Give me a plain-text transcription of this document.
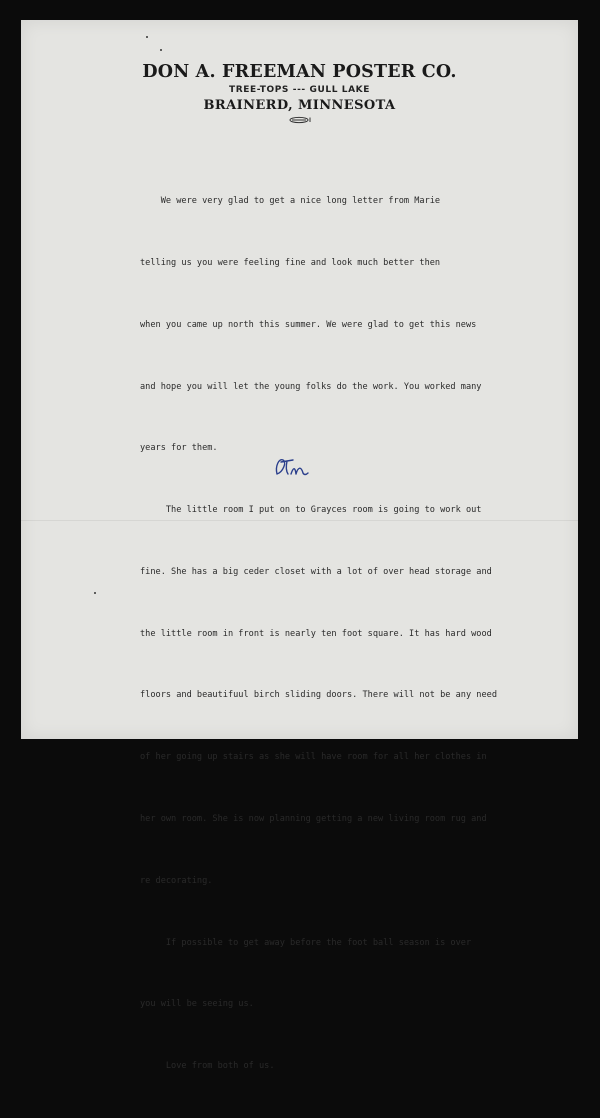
DON A. FREEMAN POSTER CO.
TREE-TOPS --- GULL LAKE
BRAINERD, MINNESOTA

We were very glad to get a nice long letter from Marie

telling us you were feeling fine and look much better then

when you came up north this summer. We were glad to get this news

and hope you will let the young folks do the work. You worked many

years for them.

The little room I put on to Grayces room is going to work out

fine. She has a big ceder closet with a lot of over head storage and

the little room in front is nearly ten foot square. It has hard wood

floors and beautifuul birch sliding doors. There will not be any need

of her going up stairs as she will have room for all her clothes in

her own room. She is now planning getting a new living room rug and

re decorating.

If possible to get away before the foot ball season is over

you will be seeing us.

Love from both of us.
